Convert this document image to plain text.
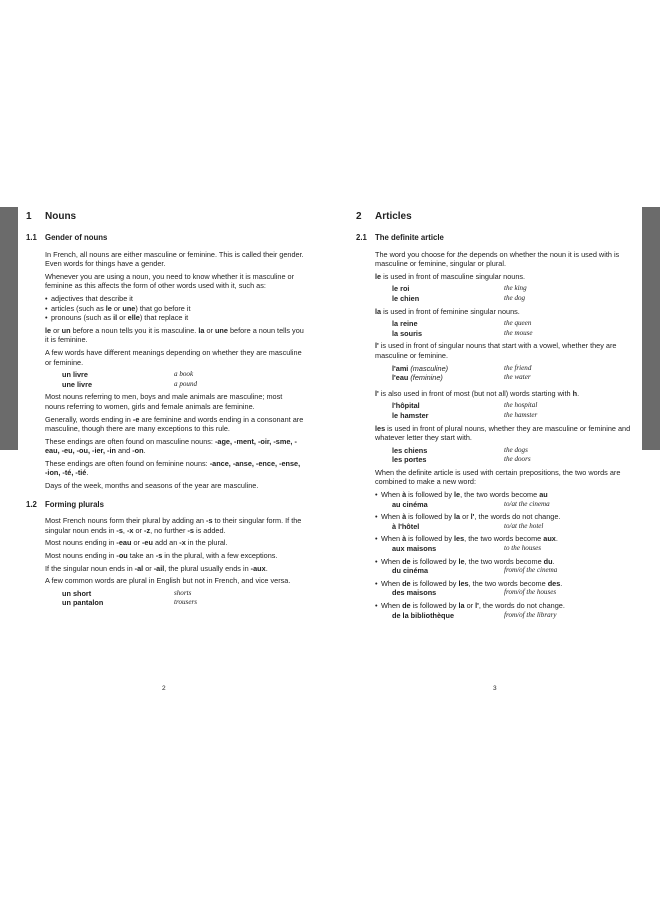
1	Nouns
1.1	Gender of nouns
In French, all nouns are either masculine or feminine. This is called their gender. Even words for things have a gender.
Whenever you are using a noun, you need to know whether it is masculine or feminine as this affects the form of other words used with it, such as:
• adjectives that describe it
• articles (such as le or une) that go before it
• pronouns (such as il or elle) that replace it
le or un before a noun tells you it is masculine. la or une before a noun tells you it is feminine.
A few words have different meanings depending on whether they are masculine or feminine.
un livre	a book
une livre	a pound
Most nouns referring to men, boys and male animals are masculine; most nouns referring to women, girls and female animals are feminine.
Generally, words ending in -e are feminine and words ending in a consonant are masculine, though there are many exceptions to this rule.
These endings are often found on masculine nouns: -age, -ment, -oir, -sme, -eau, -eu, -ou, -ier, -in and -on.
These endings are often found on feminine nouns: -ance, -anse, -ence, -ense, -ion, -té, -tié.
Days of the week, months and seasons of the year are masculine.
1.2	Forming plurals
Most French nouns form their plural by adding an -s to their singular form. If the singular noun ends in -s, -x or -z, no further -s is added.
Most nouns ending in -eau or -eu add an -x in the plural.
Most nouns ending in -ou take an -s in the plural, with a few exceptions.
If the singular noun ends in -al or -ail, the plural usually ends in -aux.
A few common words are plural in English but not in French, and vice versa.
un short	shorts
un pantalon	trousers
2
2	Articles
2.1	The definite article
The word you choose for the depends on whether the noun it is used with is masculine or feminine, singular or plural.
le is used in front of masculine singular nouns.
le roi	the king
le chien	the dog
la is used in front of feminine singular nouns.
la reine	the queen
la souris	the mouse
l' is used in front of singular nouns that start with a vowel, whether they are masculine or feminine.
l'ami (masculine)	the friend
l'eau (feminine)	the water
l' is also used in front of most (but not all) words starting with h.
l'hôpital	the hospital
le hamster	the hamster
les is used in front of plural nouns, whether they are masculine or feminine and whatever letter they start with.
les chiens	the dogs
les portes	the doors
When the definite article is used with certain prepositions, the two words are combined to make a new word:
• When à is followed by le, the two words become au
au cinéma	to/at the cinema
• When à is followed by la or l', the words do not change.
à l'hôtel	to/at the hotel
• When à is followed by les, the two words become aux.
aux maisons	to the houses
• When de is followed by le, the two words become du.
du cinéma	from/of the cinema
• When de is followed by les, the two words become des.
des maisons	from/of the houses
• When de is followed by la or l', the words do not change.
de la bibliothèque	from/of the library
3
